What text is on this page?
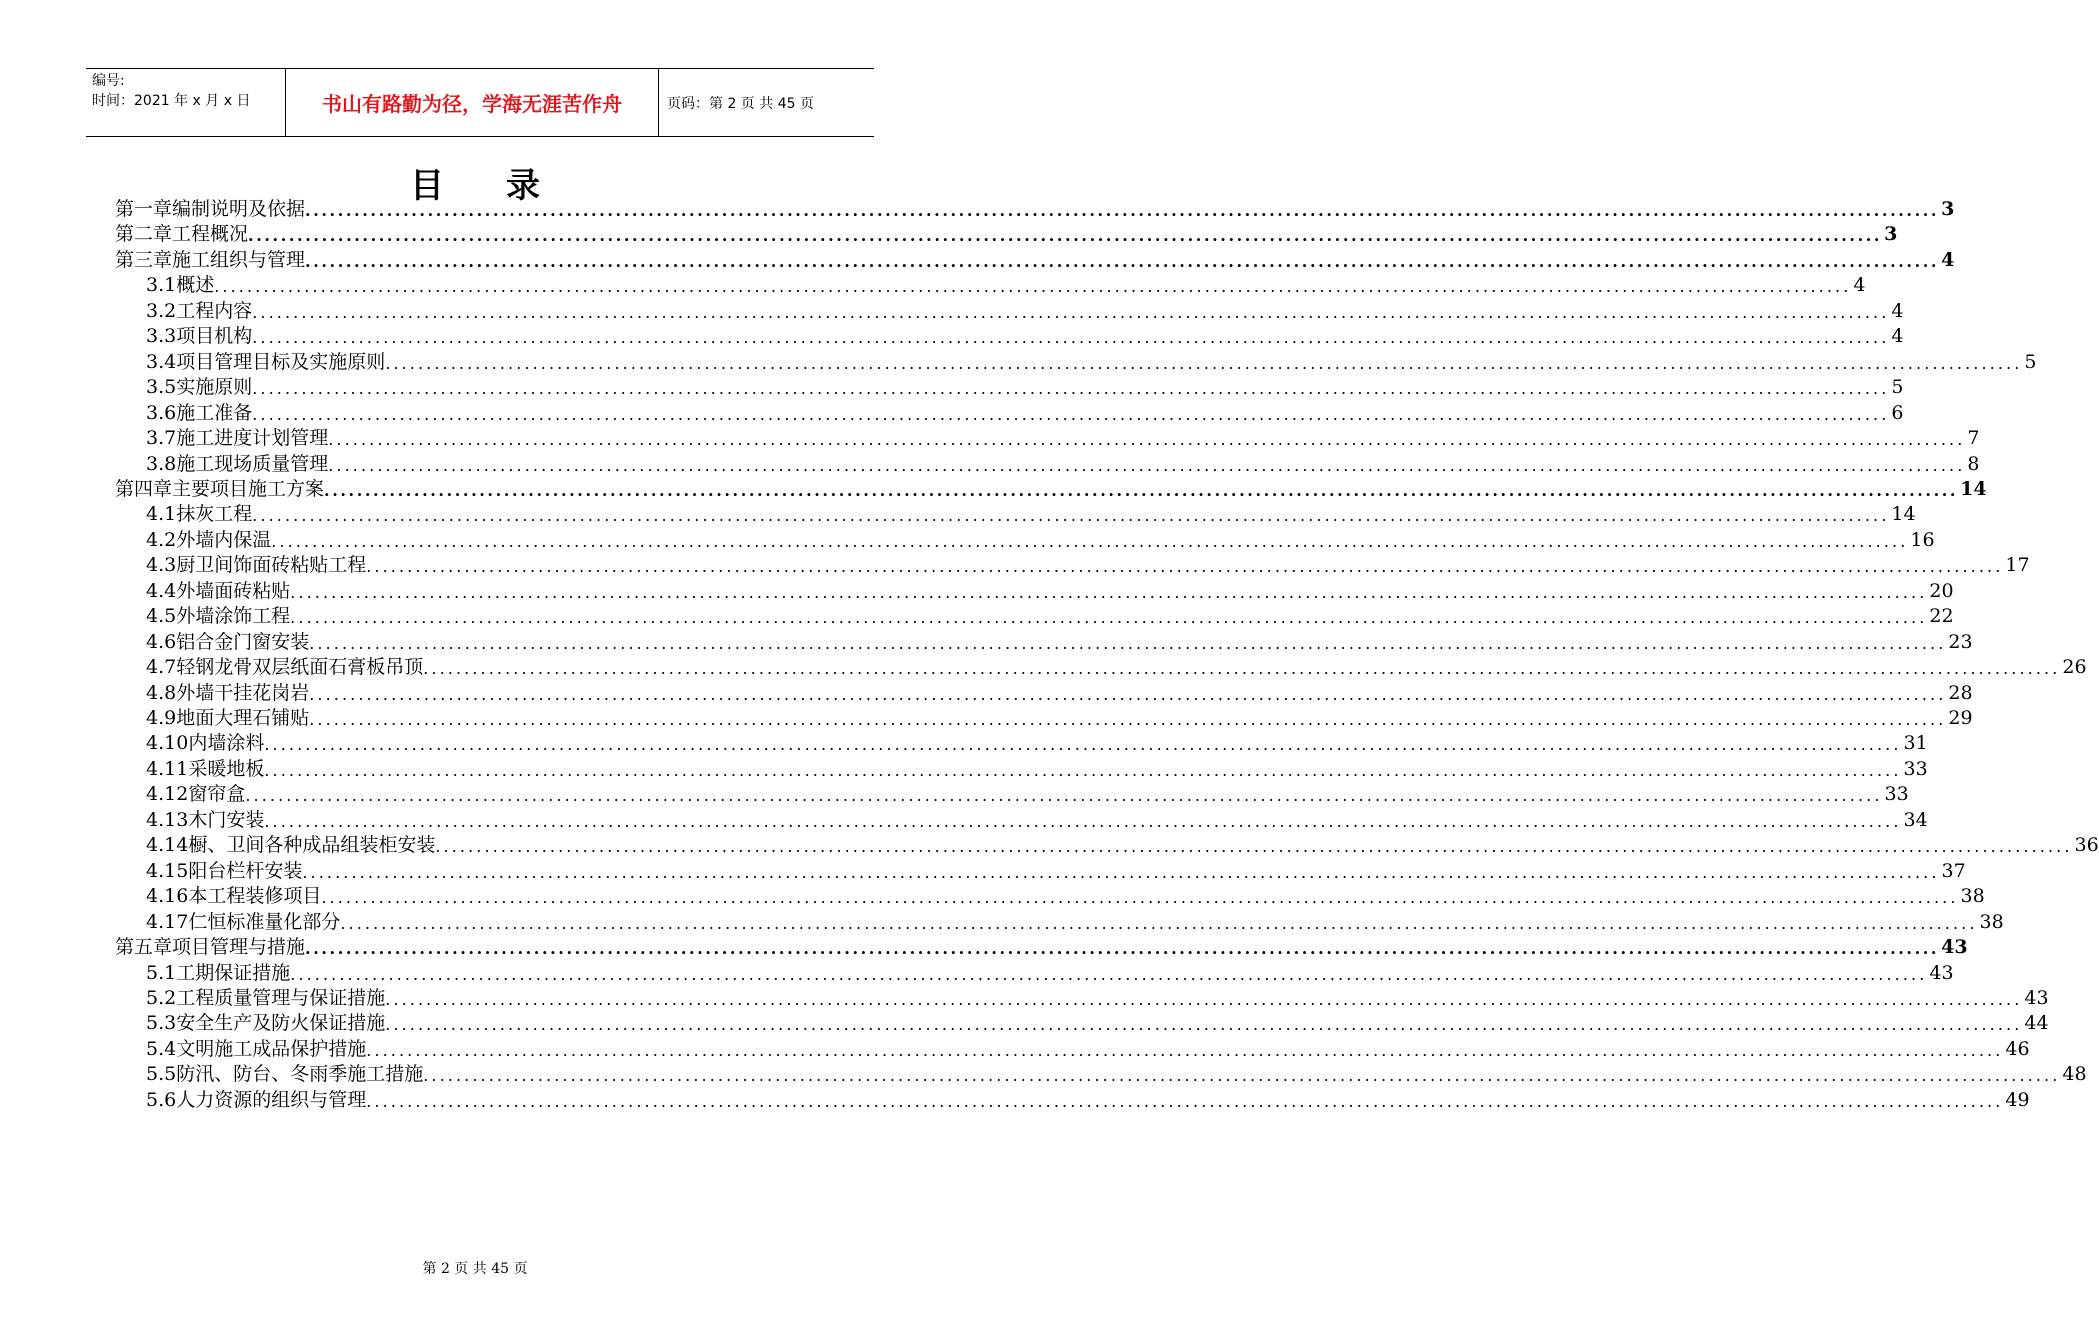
编号:
时间：2021 年 x 月 x 日	书山有路勤为径，学海无涯苦作舟	页码：第 2 页 共 45 页
目录
第一章 编制说明及依据 ........................................................................................................................................................................................................ 3
第二章 工程概况 ........................................................................................................................................................................................................ 3
第三章 施工组织与管理 ........................................................................................................................................................................................................ 4
3.1 概述 ........................................................................................................................................................................................................ 4
3.2 工程内容 ........................................................................................................................................................................................................ 4
3.3 项目机构 ........................................................................................................................................................................................................ 4
3.4 项目管理目标及实施原则 ........................................................................................................................................................................................................ 5
3.5 实施原则 ........................................................................................................................................................................................................ 5
3.6 施工准备 ........................................................................................................................................................................................................ 6
3.7 施工进度计划管理 ........................................................................................................................................................................................................ 7
3.8 施工现场质量管理 ........................................................................................................................................................................................................ 8
第四章 主要项目施工方案 ........................................................................................................................................................................................................ 14
4.1 抹灰工程 ........................................................................................................................................................................................................ 14
4.2 外墙内保温 ........................................................................................................................................................................................................ 16
4.3 厨卫间饰面砖粘贴工程 ........................................................................................................................................................................................................ 17
4.4 外墙面砖粘贴 ........................................................................................................................................................................................................ 20
4.5 外墙涂饰工程 ........................................................................................................................................................................................................ 22
4.6 铝合金门窗安装 ........................................................................................................................................................................................................ 23
4.7 轻钢龙骨双层纸面石膏板吊顶 ........................................................................................................................................................................................................ 26
4.8 外墙干挂花岗岩 ........................................................................................................................................................................................................ 28
4.9 地面大理石铺贴 ........................................................................................................................................................................................................ 29
4.10 内墙涂料 ........................................................................................................................................................................................................ 31
4.11 采暖地板 ........................................................................................................................................................................................................ 33
4.12 窗帘盒 ........................................................................................................................................................................................................ 33
4.13 木门安装 ........................................................................................................................................................................................................ 34
4.14 橱、卫间各种成品组装柜安装 ........................................................................................................................................................................................................ 36
4.15 阳台栏杆安装 ........................................................................................................................................................................................................ 37
4.16 本工程装修项目 ........................................................................................................................................................................................................ 38
4.17 仁恒标准量化部分 ........................................................................................................................................................................................................ 38
第五章 项目管理与措施 ........................................................................................................................................................................................................ 43
5.1 工期保证措施 ........................................................................................................................................................................................................ 43
5.2 工程质量管理与保证措施 ........................................................................................................................................................................................................ 43
5.3 安全生产及防火保证措施 ........................................................................................................................................................................................................ 44
5.4 文明施工成品保护措施 ........................................................................................................................................................................................................ 46
5.5 防汛、防台、冬雨季施工措施 ........................................................................................................................................................................................................ 48
5.6 人力资源的组织与管理 ........................................................................................................................................................................................................ 49
第 2 页 共 45 页
